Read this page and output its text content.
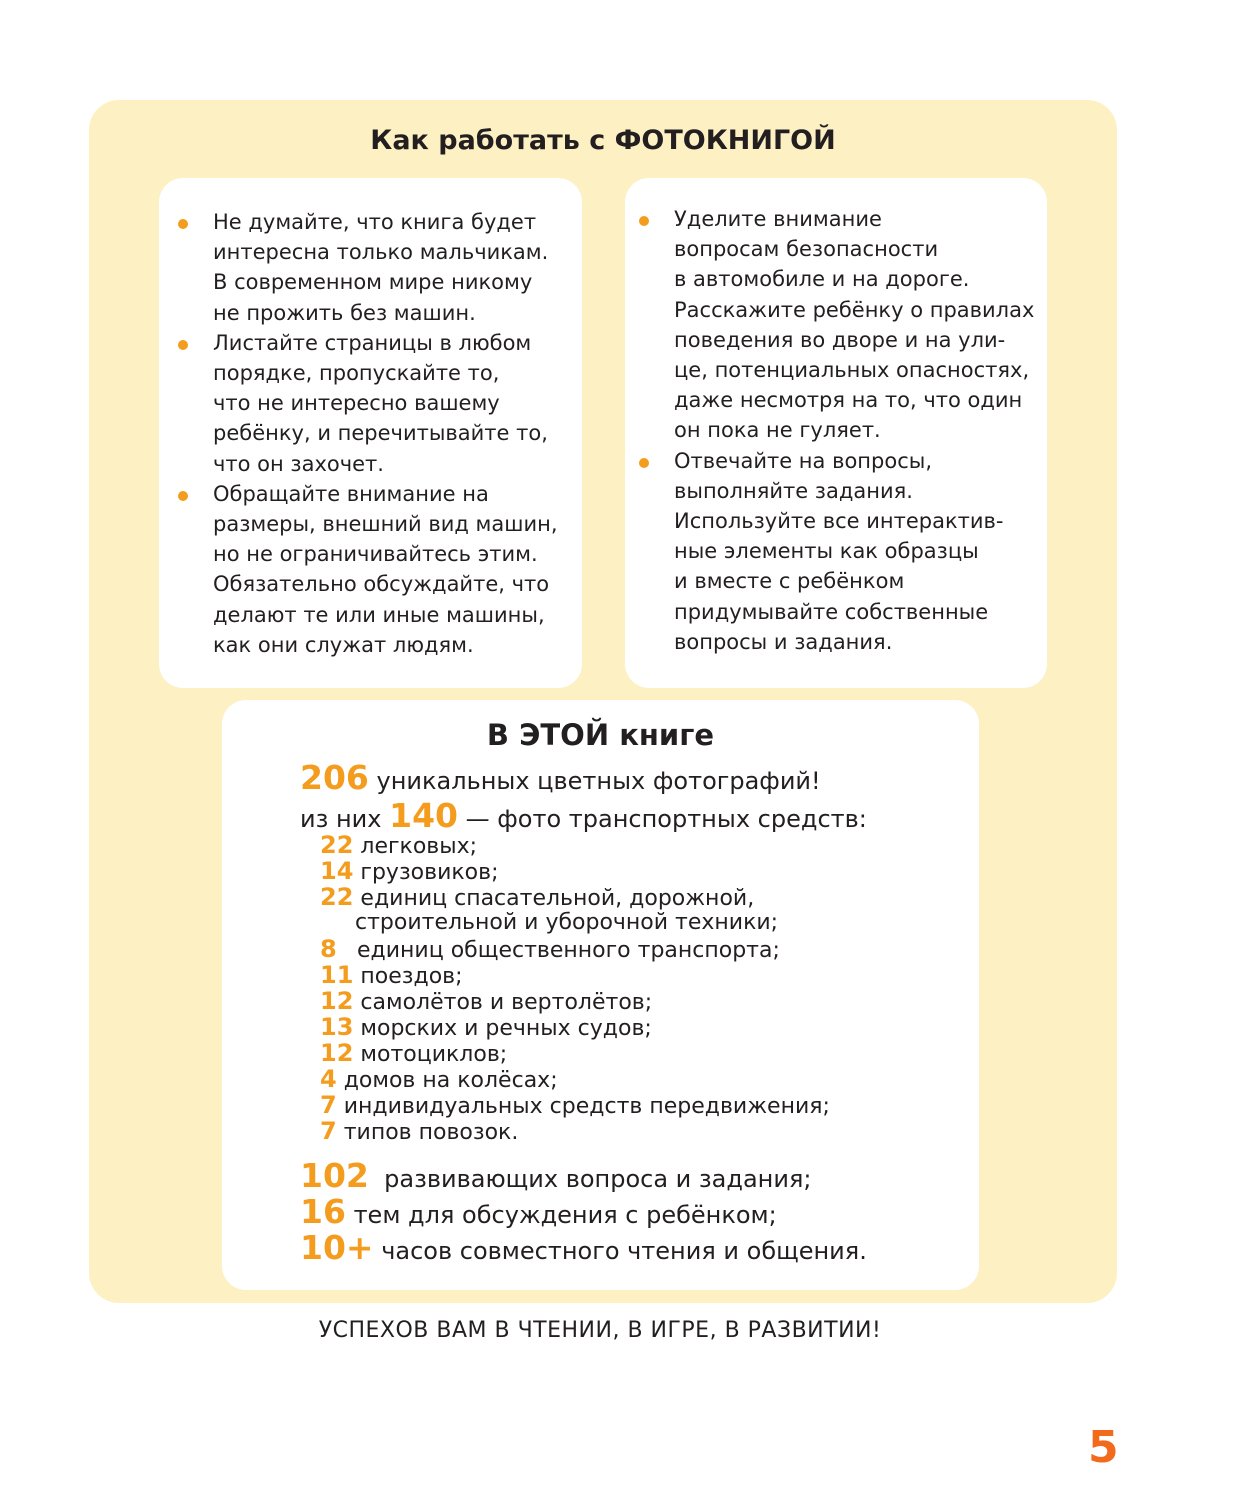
Как работать с ФОТОКНИГОЙ
Не думайте, что книга будет
интересна только мальчикам.
В современном мире никому
не прожить без машин.
Листайте страницы в любом
порядке, пропускайте то,
что не интересно вашему
ребёнку, и перечитывайте то,
что он захочет.
Обращайте внимание на
размеры, внешний вид машин,
но не ограничивайтесь этим.
Обязательно обсуждайте, что
делают те или иные машины,
как они служат людям.
Уделите внимание
вопросам безопасности
в автомобиле и на дороге.
Расскажите ребёнку о правилах
поведения во дворе и на ули-
це, потенциальных опасностях,
даже несмотря на то, что один
он пока не гуляет.
Отвечайте на вопросы,
выполняйте задания.
Используйте все интерактив-
ные элементы как образцы
и вместе с ребёнком
придумывайте собственные
вопросы и задания.
В ЭТОЙ книге
206 уникальных цветных фотографий!
из них 140 — фото транспортных средств:
22 легковых;
14 грузовиков;
22 единиц спасательной, дорожной,
строительной и уборочной техники;
8 единиц общественного транспорта;
11 поездов;
12 самолётов и вертолётов;
13 морских и речных судов;
12 мотоциклов;
4 домов на колёсах;
7 индивидуальных средств передвижения;
7 типов повозок.
102 развивающих вопроса и задания;
16 тем для обсуждения с ребёнком;
10+ часов совместного чтения и общения.
УСПЕХОВ ВАМ В ЧТЕНИИ, В ИГРЕ, В РАЗВИТИИ!
5
